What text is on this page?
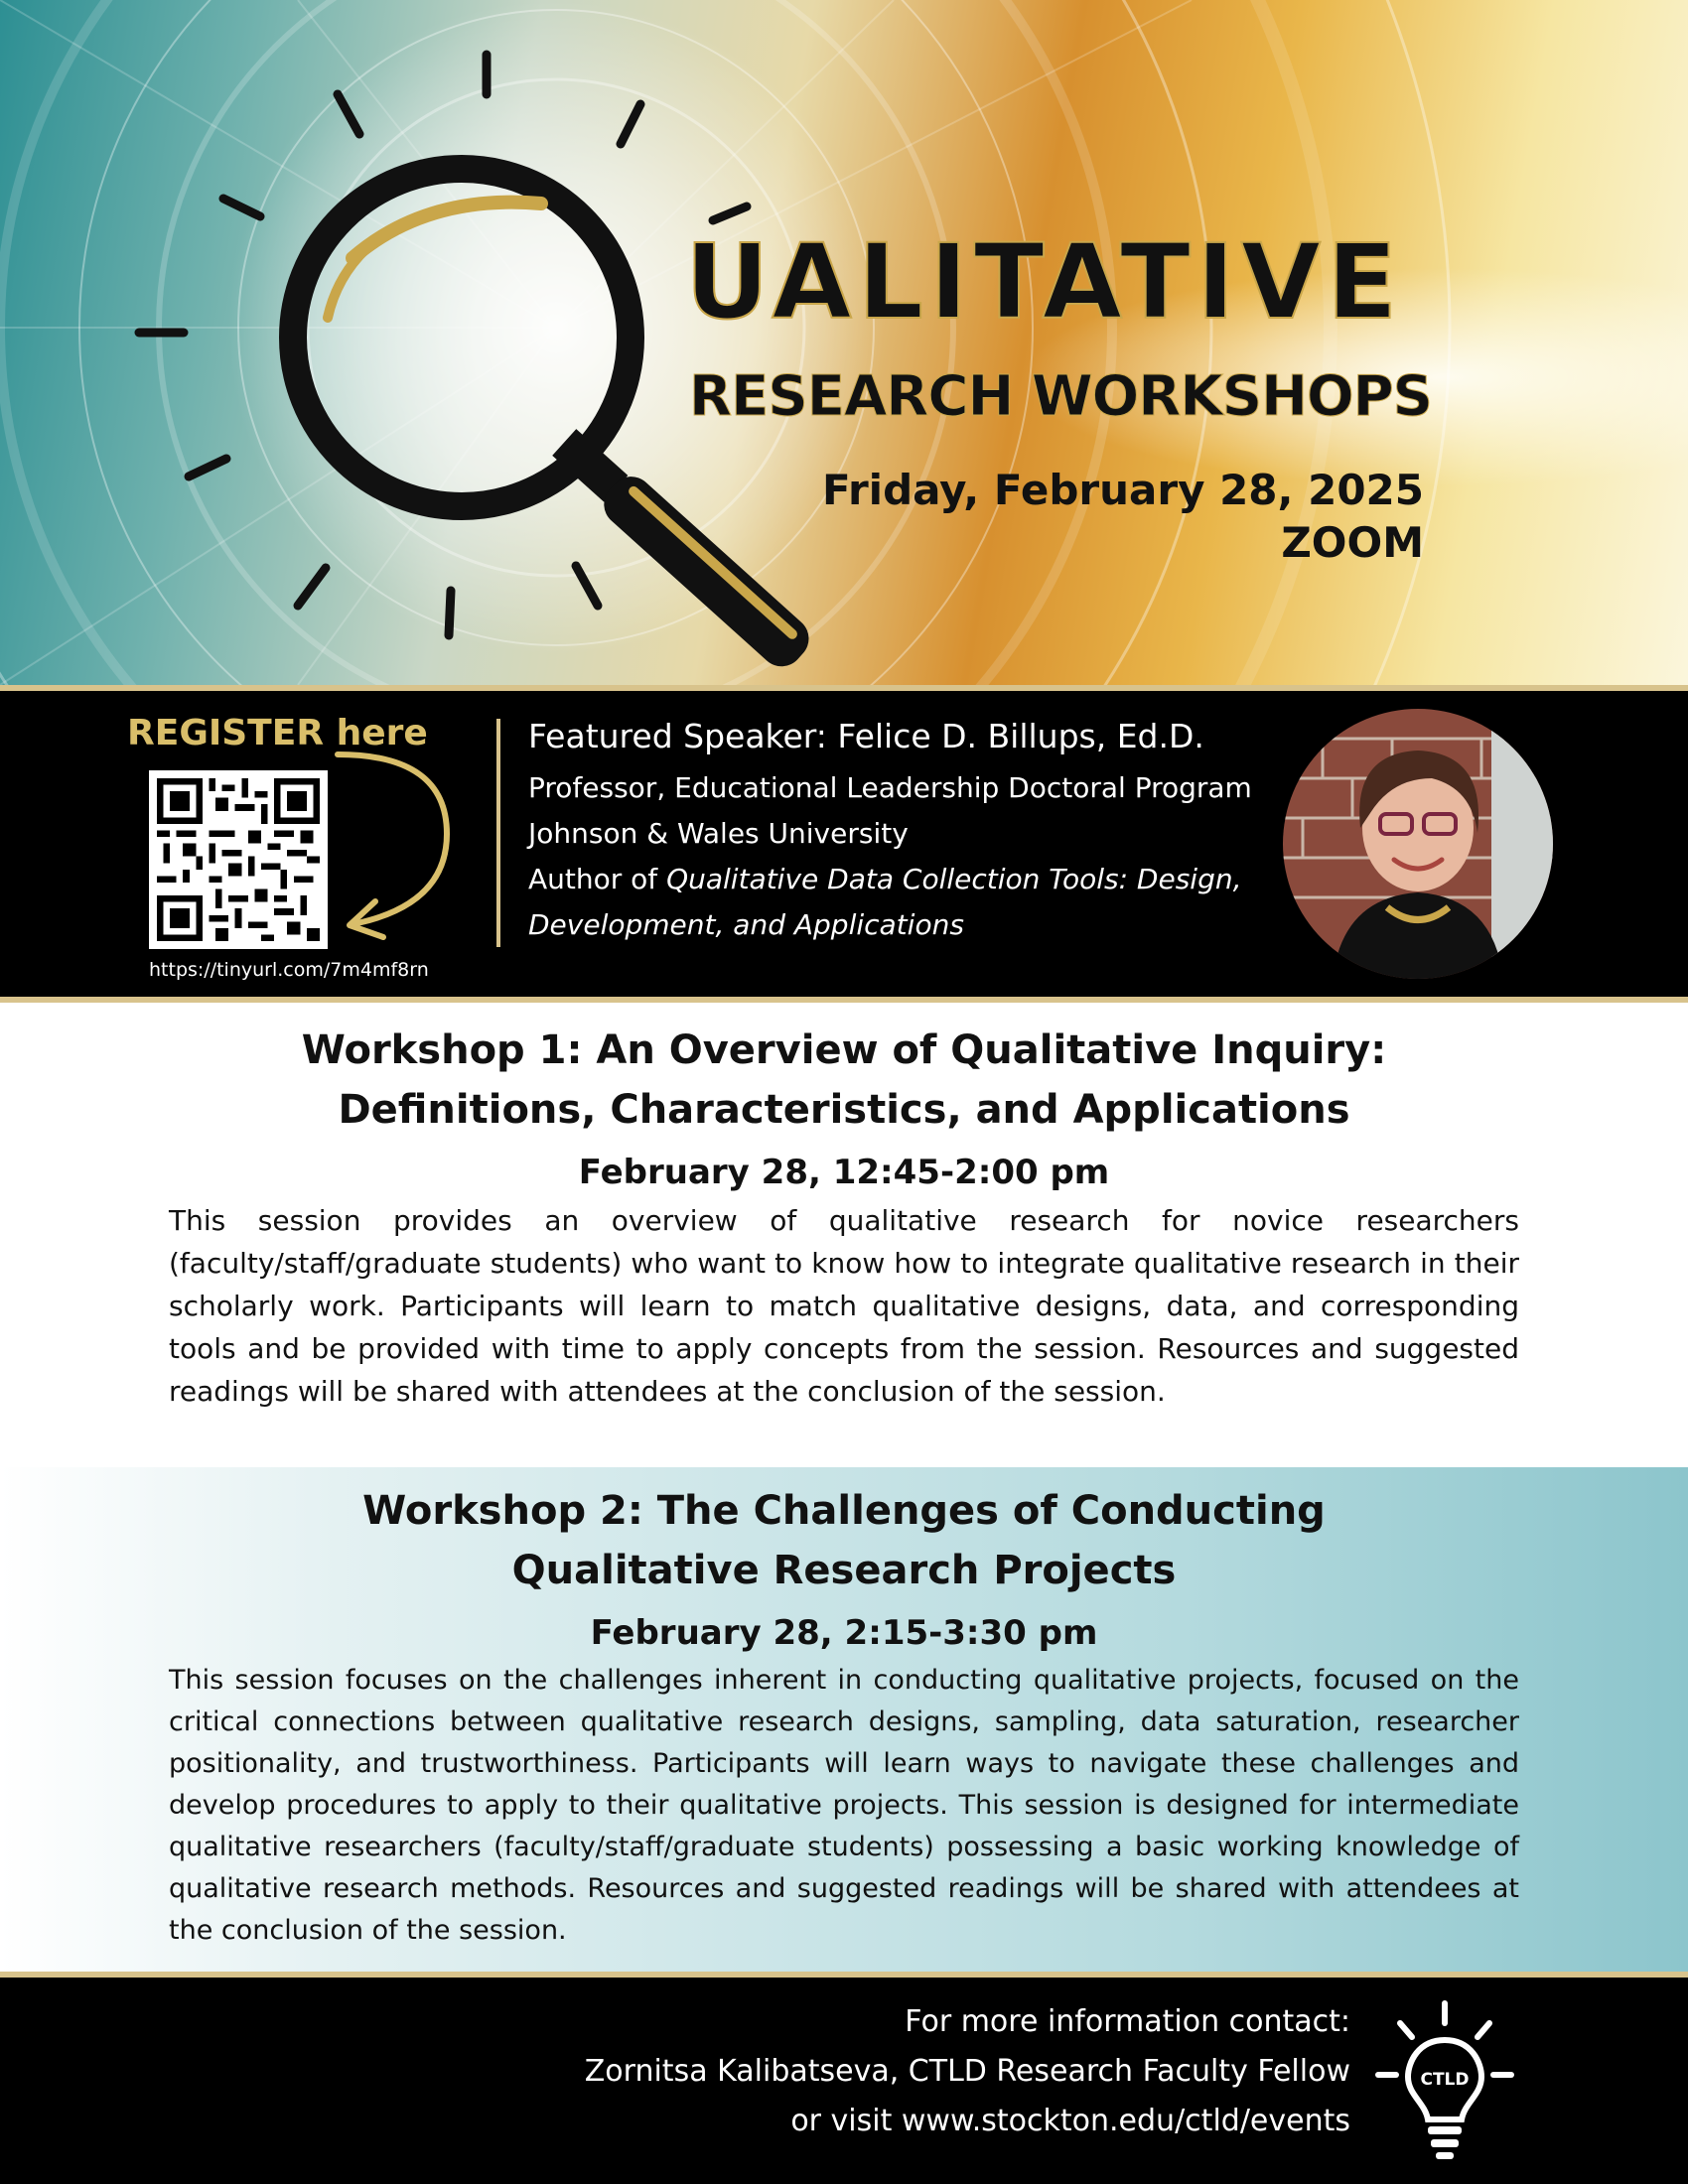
UALITATIVE
RESEARCH WORKSHOPS
Friday, February 28, 2025
ZOOM
REGISTER here
https://tinyurl.com/7m4mf8rn
Featured Speaker: Felice D. Billups, Ed.D.
Professor, Educational Leadership Doctoral Program
Johnson & Wales University
Author of Qualitative Data Collection Tools: Design,
Development, and Applications
Workshop 1: An Overview of Qualitative Inquiry:
Definitions, Characteristics, and Applications
February 28, 12:45-2:00 pm
This session provides an overview of qualitative research for novice researchers (faculty/staff/graduate students) who want to know how to integrate qualitative research in their scholarly work. Participants will learn to match qualitative designs, data, and corresponding tools and be provided with time to apply concepts from the session. Resources and suggested readings will be shared with attendees at the conclusion of the session.
Workshop 2: The Challenges of Conducting
Qualitative Research Projects
February 28, 2:15-3:30 pm
This session focuses on the challenges inherent in conducting qualitative projects, focused on the critical connections between qualitative research designs, sampling, data saturation, researcher positionality, and trustworthiness. Participants will learn ways to navigate these challenges and develop procedures to apply to their qualitative projects. This session is designed for intermediate qualitative researchers (faculty/staff/graduate students) possessing a basic working knowledge of qualitative research methods. Resources and suggested readings will be shared with attendees at the conclusion of the session.
For more information contact:
Zornitsa Kalibatseva, CTLD Research Faculty Fellow
or visit www.stockton.edu/ctld/events
CTLD
